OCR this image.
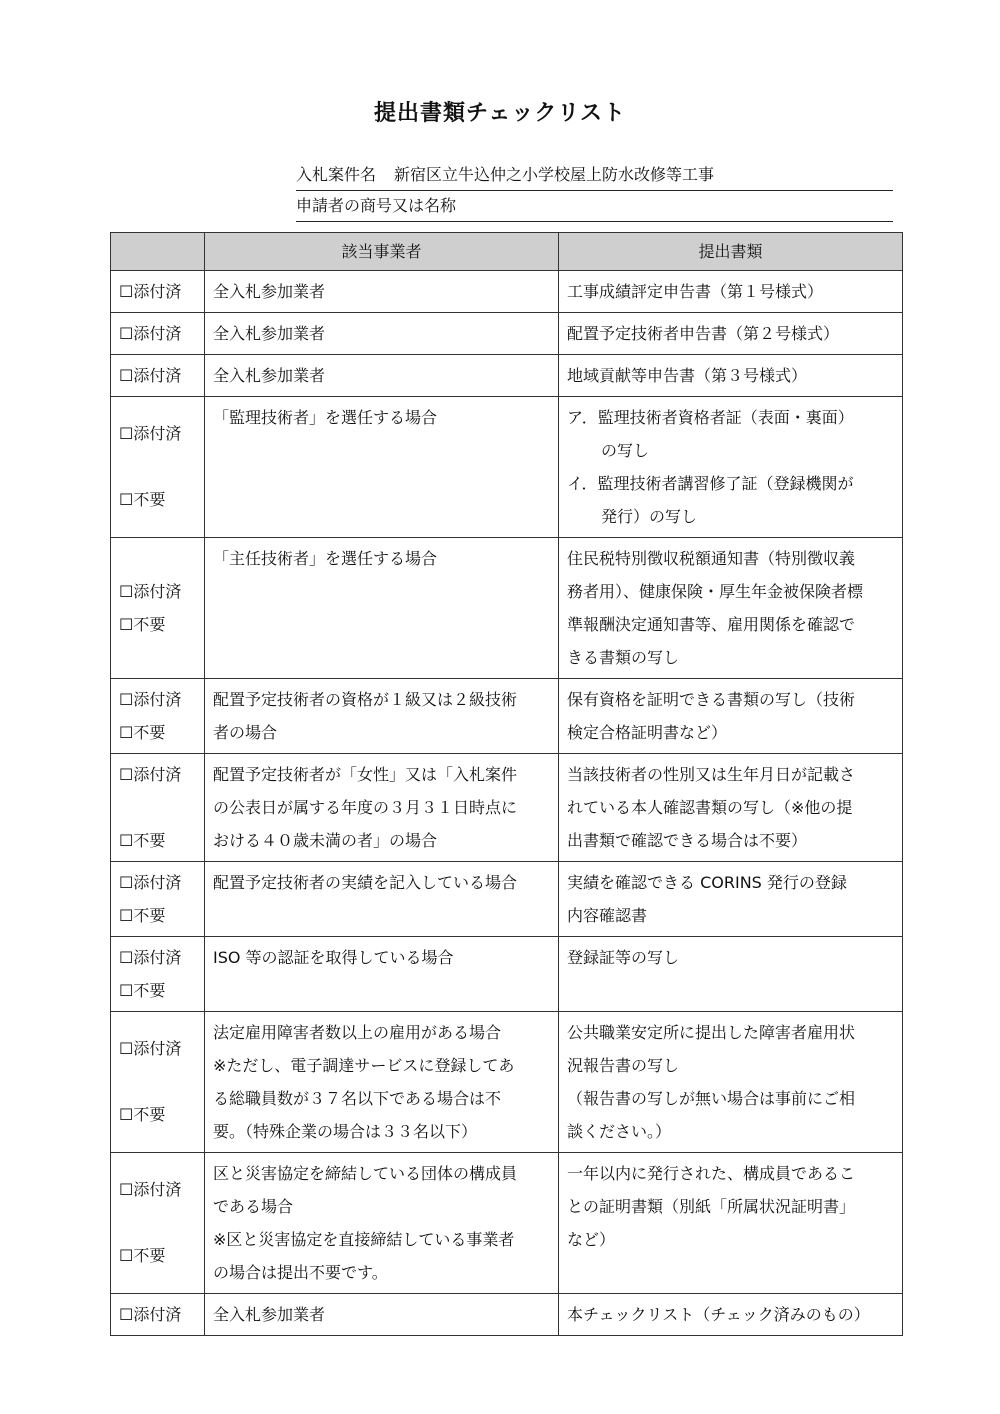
提出書類チェックリスト
入札案件名 新宿区立牛込仲之小学校屋上防水改修等工事
申請者の商号又は名称
	該当事業者	提出書類
☐添付済	全入札参加業者	工事成績評定申告書（第１号様式）

☐添付済	全入札参加業者	配置予定技術者申告書（第２号様式）

☐添付済	全入札参加業者	地域貢献等申告書（第３号様式）

☐添付済
☐不要	「監理技術者」を選任する場合	ア．監理技術者資格者証（表面・裏面）
の写し
イ．監理技術者講習修了証（登録機関が
発行）の写し

☐添付済
☐不要	「主任技術者」を選任する場合	住民税特別徴収税額通知書（特別徴収義
務者用）、健康保険・厚生年金被保険者標
準報酬決定通知書等、雇用関係を確認で
きる書類の写し

☐添付済
☐不要	配置予定技術者の資格が１級又は２級技術
者の場合	保有資格を証明できる書類の写し（技術
検定合格証明書など）

☐添付済
☐不要	配置予定技術者が「女性」又は「入札案件
の公表日が属する年度の３月３１日時点に
おける４０歳未満の者」の場合	当該技術者の性別又は生年月日が記載さ
れている本人確認書類の写し（※他の提
出書類で確認できる場合は不要）

☐添付済
☐不要	配置予定技術者の実績を記入している場合	実績を確認できる CORINS 発行の登録
内容確認書

☐添付済
☐不要	ISO 等の認証を取得している場合	登録証等の写し

☐添付済
☐不要	法定雇用障害者数以上の雇用がある場合
※ただし、電子調達サービスに登録してあ
る総職員数が３７名以下である場合は不
要。（特殊企業の場合は３３名以下）	公共職業安定所に提出した障害者雇用状
況報告書の写し
（報告書の写しが無い場合は事前にご相
談ください。）

☐添付済
☐不要	区と災害協定を締結している団体の構成員
である場合
※区と災害協定を直接締結している事業者
の場合は提出不要です。	一年以内に発行された、構成員であるこ
との証明書類（別紙「所属状況証明書」
など）

☐添付済	全入札参加業者	本チェックリスト（チェック済みのもの）
